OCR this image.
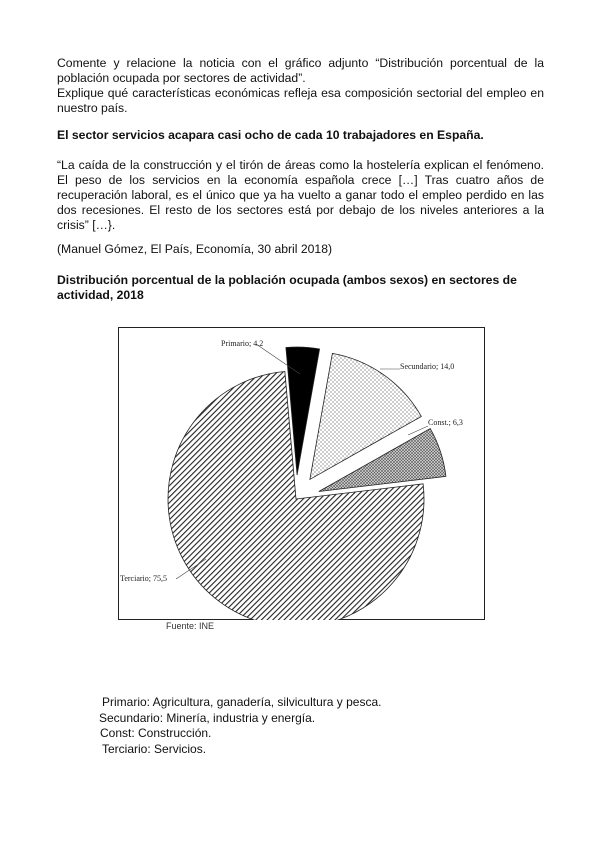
Comente y relacione la noticia con el gráfico adjunto “Distribución porcentual de la población ocupada por sectores de actividad”.
Explique qué características económicas refleja esa composición sectorial del empleo en nuestro país.
El sector servicios acapara casi ocho de cada 10 trabajadores en España.
“La caída de la construcción y el tirón de áreas como la hostelería explican el fenómeno. El peso de los servicios en la economía española crece […] Tras cuatro años de recuperación laboral, es el único que ya ha vuelto a ganar todo el empleo perdido en las dos recesiones. El resto de los sectores está por debajo de los niveles anteriores a la crisis” […}.
(Manuel Gómez, El País, Economía, 30 abril 2018)
Distribución porcentual de la población ocupada (ambos sexos) en sectores de actividad, 2018
Primario; 4.2
Secundario; 14,0
Const.; 6,3
Terciario; 75,5
Fuente: INE
Primario: Agricultura, ganadería, silvicultura y pesca.
Secundario: Minería, industria y energía.
Const: Construcción.
Terciario: Servicios.
